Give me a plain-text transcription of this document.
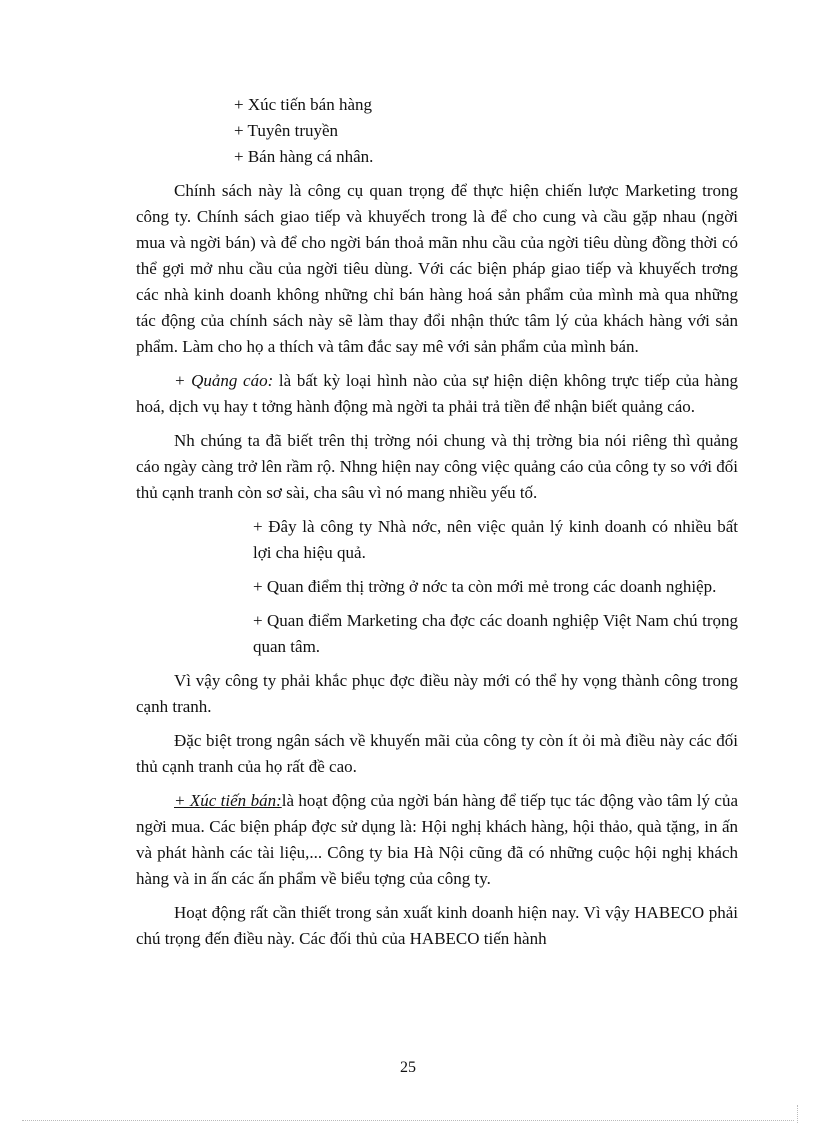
+ Xúc tiến bán hàng
+ Tuyên truyền
+ Bán hàng cá nhân.

Chính sách này là công cụ quan trọng để thực hiện chiến lược Marketing trong công ty. Chính sách giao tiếp và khuyếch trong là để cho cung và cầu gặp nhau (ngời mua và ngời bán) và để cho ngời bán thoả mãn nhu cầu của ngời tiêu dùng đồng thời có thể gợi mở nhu cầu của ngời tiêu dùng. Với các biện pháp giao tiếp và khuyếch trơng các nhà kinh doanh không những chỉ bán hàng hoá sản phẩm của mình mà qua những tác động của chính sách này sẽ làm thay đổi nhận thức tâm lý của khách hàng với sản phẩm. Làm cho họ a thích và tâm đắc say mê với sản phẩm của mình bán.

+ Quảng cáo: là bất kỳ loại hình nào của sự hiện diện không trực tiếp của hàng hoá, dịch vụ hay t tởng hành động mà ngời ta phải trả tiền để nhận biết quảng cáo.

Nh chúng ta đã biết trên thị trờng nói chung và thị trờng bia nói riêng thì quảng cáo ngày càng trở lên rầm rộ. Nhng hiện nay công việc quảng cáo của công ty so với đối thủ cạnh tranh còn sơ sài, cha sâu vì nó mang nhiều yếu tố.

+ Đây là công ty Nhà nớc, nên việc quản lý kinh doanh có nhiều bất lợi cha hiệu quả.
+ Quan điểm thị trờng ở nớc ta còn mới mẻ trong các doanh nghiệp.
+ Quan điểm Marketing cha đợc các doanh nghiệp Việt Nam chú trọng quan tâm.

Vì vậy công ty phải khắc phục đợc điều này mới có thể hy vọng thành công trong cạnh tranh.

Đặc biệt trong ngân sách về khuyến mãi của công ty còn ít ỏi mà điều này các đối thủ cạnh tranh của họ rất đề cao.

+ Xúc tiến bán:là hoạt động của ngời bán hàng để tiếp tục tác động vào tâm lý của ngời mua. Các biện pháp đợc sử dụng là: Hội nghị khách hàng, hội thảo, quà tặng, in ấn và phát hành các tài liệu,... Công ty bia Hà Nội cũng đã có những cuộc hội nghị khách hàng và in ấn các ấn phẩm về biểu tợng của công ty.

Hoạt động rất cần thiết trong sản xuất kinh doanh hiện nay. Vì vậy HABECO phải chú trọng đến điều này. Các đối thủ của HABECO tiến hành

25
